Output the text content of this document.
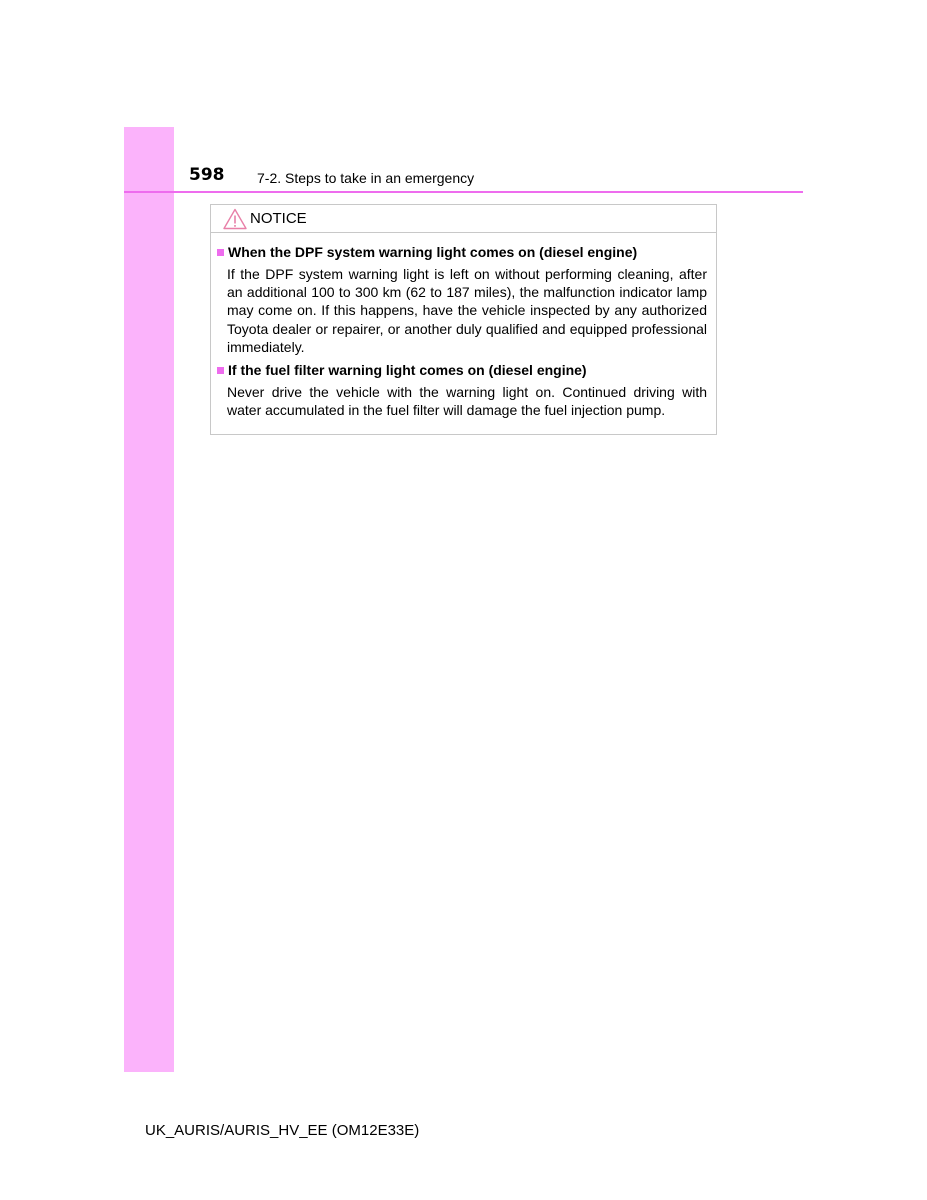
598 7-2. Steps to take in an emergency
NOTICE
When the DPF system warning light comes on (diesel engine)
If the DPF system warning light is left on without performing cleaning, after an additional 100 to 300 km (62 to 187 miles), the malfunction indicator lamp may come on. If this happens, have the vehicle inspected by any authorized Toyota dealer or repairer, or another duly qualified and equipped professional immediately.
If the fuel filter warning light comes on (diesel engine)
Never drive the vehicle with the warning light on. Continued driving with water accumulated in the fuel filter will damage the fuel injection pump.
UK_AURIS/AURIS_HV_EE (OM12E33E)
